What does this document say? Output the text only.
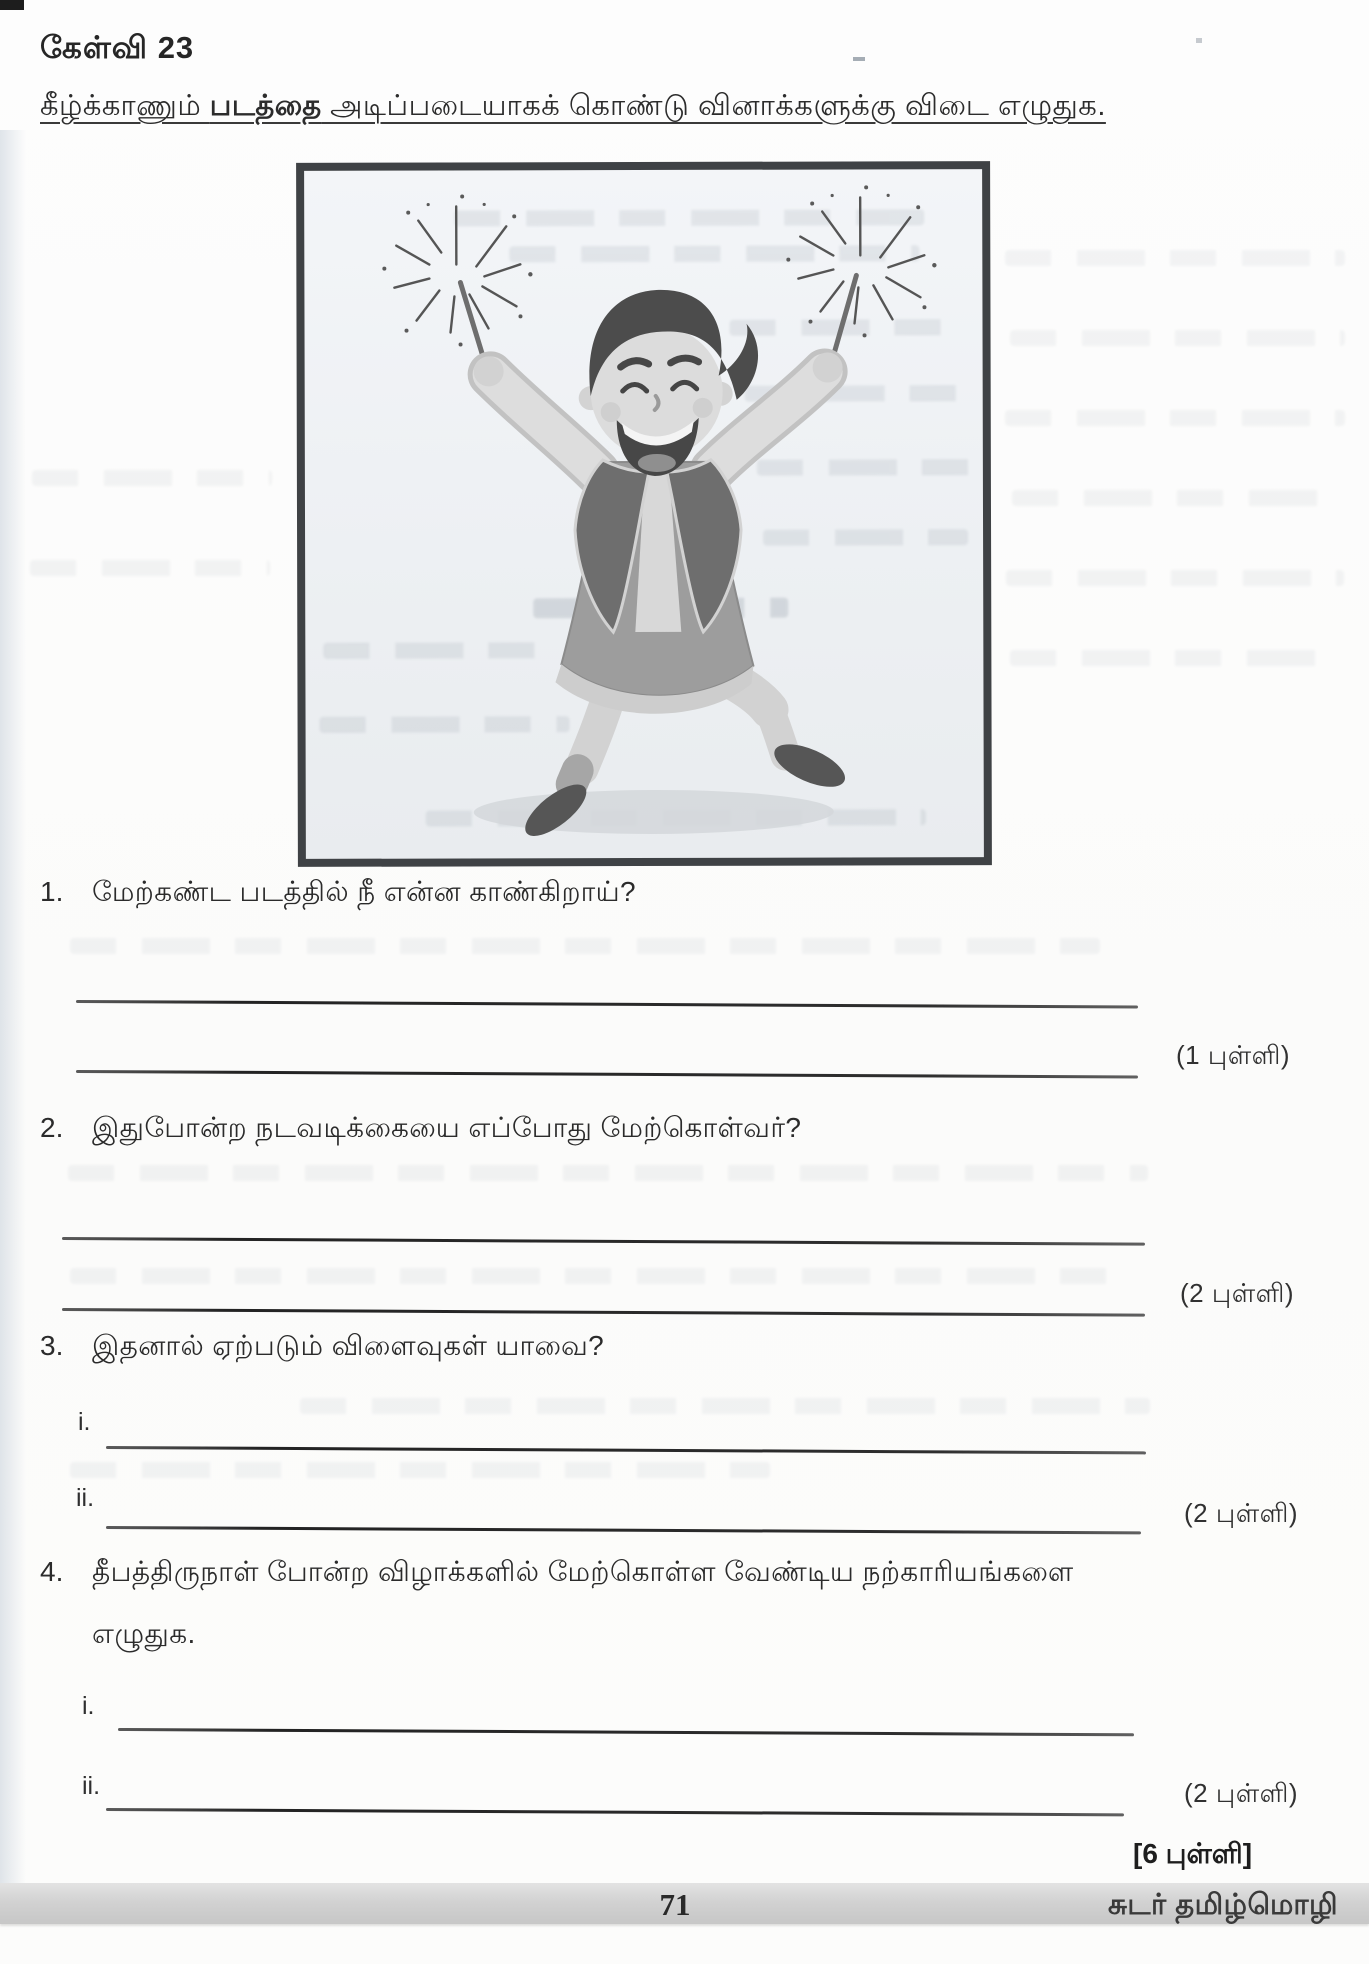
கேள்வி 23
கீழ்க்காணும் படத்தை அடிப்படையாகக் கொண்டு வினாக்களுக்கு விடை எழுதுக.
1. மேற்கண்ட படத்தில் நீ என்ன காண்கிறாய்?
(1 புள்ளி)
2. இதுபோன்ற நடவடிக்கையை எப்போது மேற்கொள்வர்?
(2 புள்ளி)
3. இதனால் ஏற்படும் விளைவுகள் யாவை?
i.
ii.	(2 புள்ளி)
4. தீபத்திருநாள் போன்ற விழாக்களில் மேற்கொள்ள வேண்டிய நற்காரியங்களை
எழுதுக.
i.
ii.	(2 புள்ளி)
[6 புள்ளி]
71	சுடர் தமிழ்மொழி
